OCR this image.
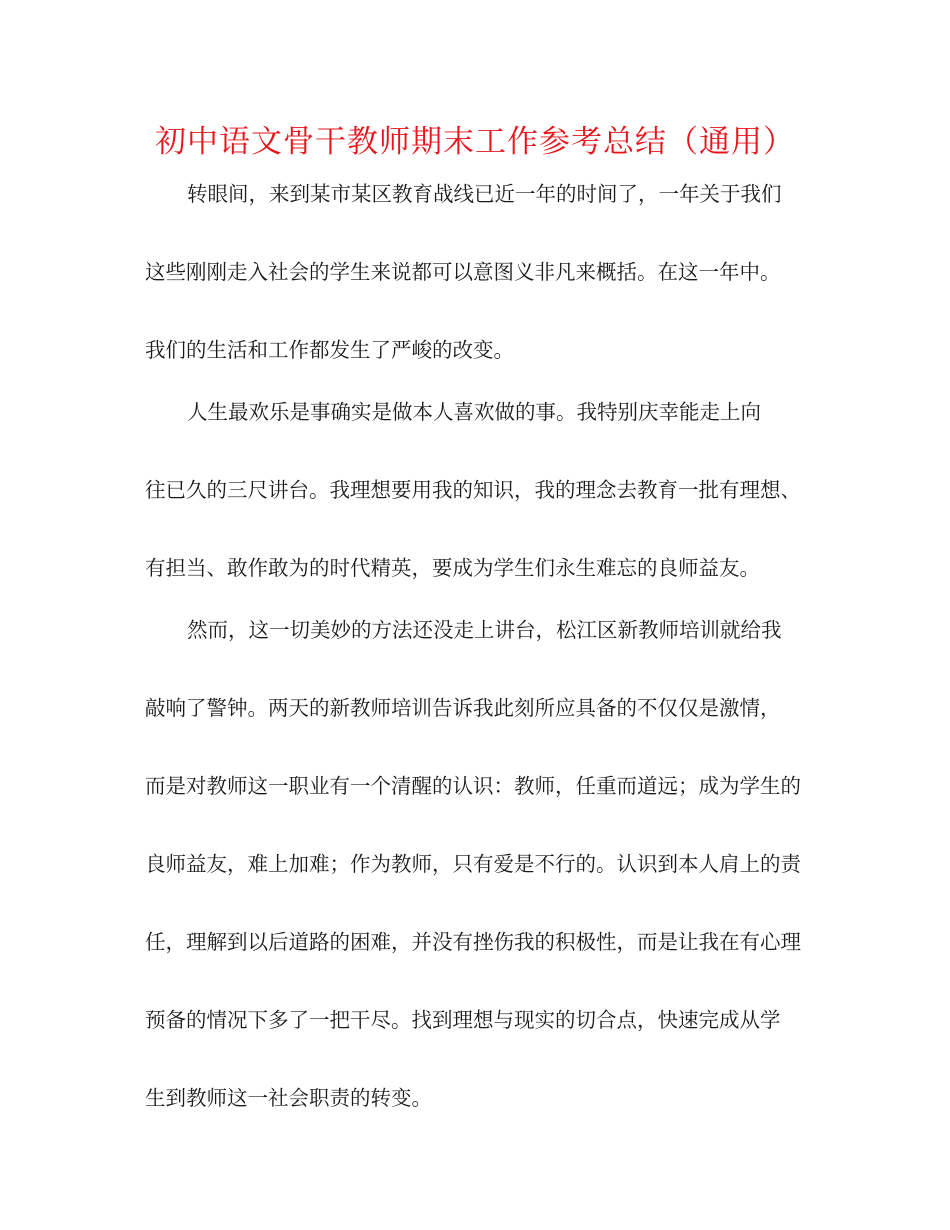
初中语文骨干教师期末工作参考总结（通用）
转眼间，来到某市某区教育战线已近一年的时间了，一年关于我们
这些刚刚走入社会的学生来说都可以意图义非凡来概括。在这一年中。
我们的生活和工作都发生了严峻的改变。
人生最欢乐是事确实是做本人喜欢做的事。我特别庆幸能走上向
往已久的三尺讲台。我理想要用我的知识，我的理念去教育一批有理想、
有担当、敢作敢为的时代精英，要成为学生们永生难忘的良师益友。
然而，这一切美妙的方法还没走上讲台，松江区新教师培训就给我
敲响了警钟。两天的新教师培训告诉我此刻所应具备的不仅仅是激情，
而是对教师这一职业有一个清醒的认识：教师，任重而道远；成为学生的
良师益友，难上加难；作为教师，只有爱是不行的。认识到本人肩上的责
任，理解到以后道路的困难，并没有挫伤我的积极性，而是让我在有心理
预备的情况下多了一把干尽。找到理想与现实的切合点，快速完成从学
生到教师这一社会职责的转变。
